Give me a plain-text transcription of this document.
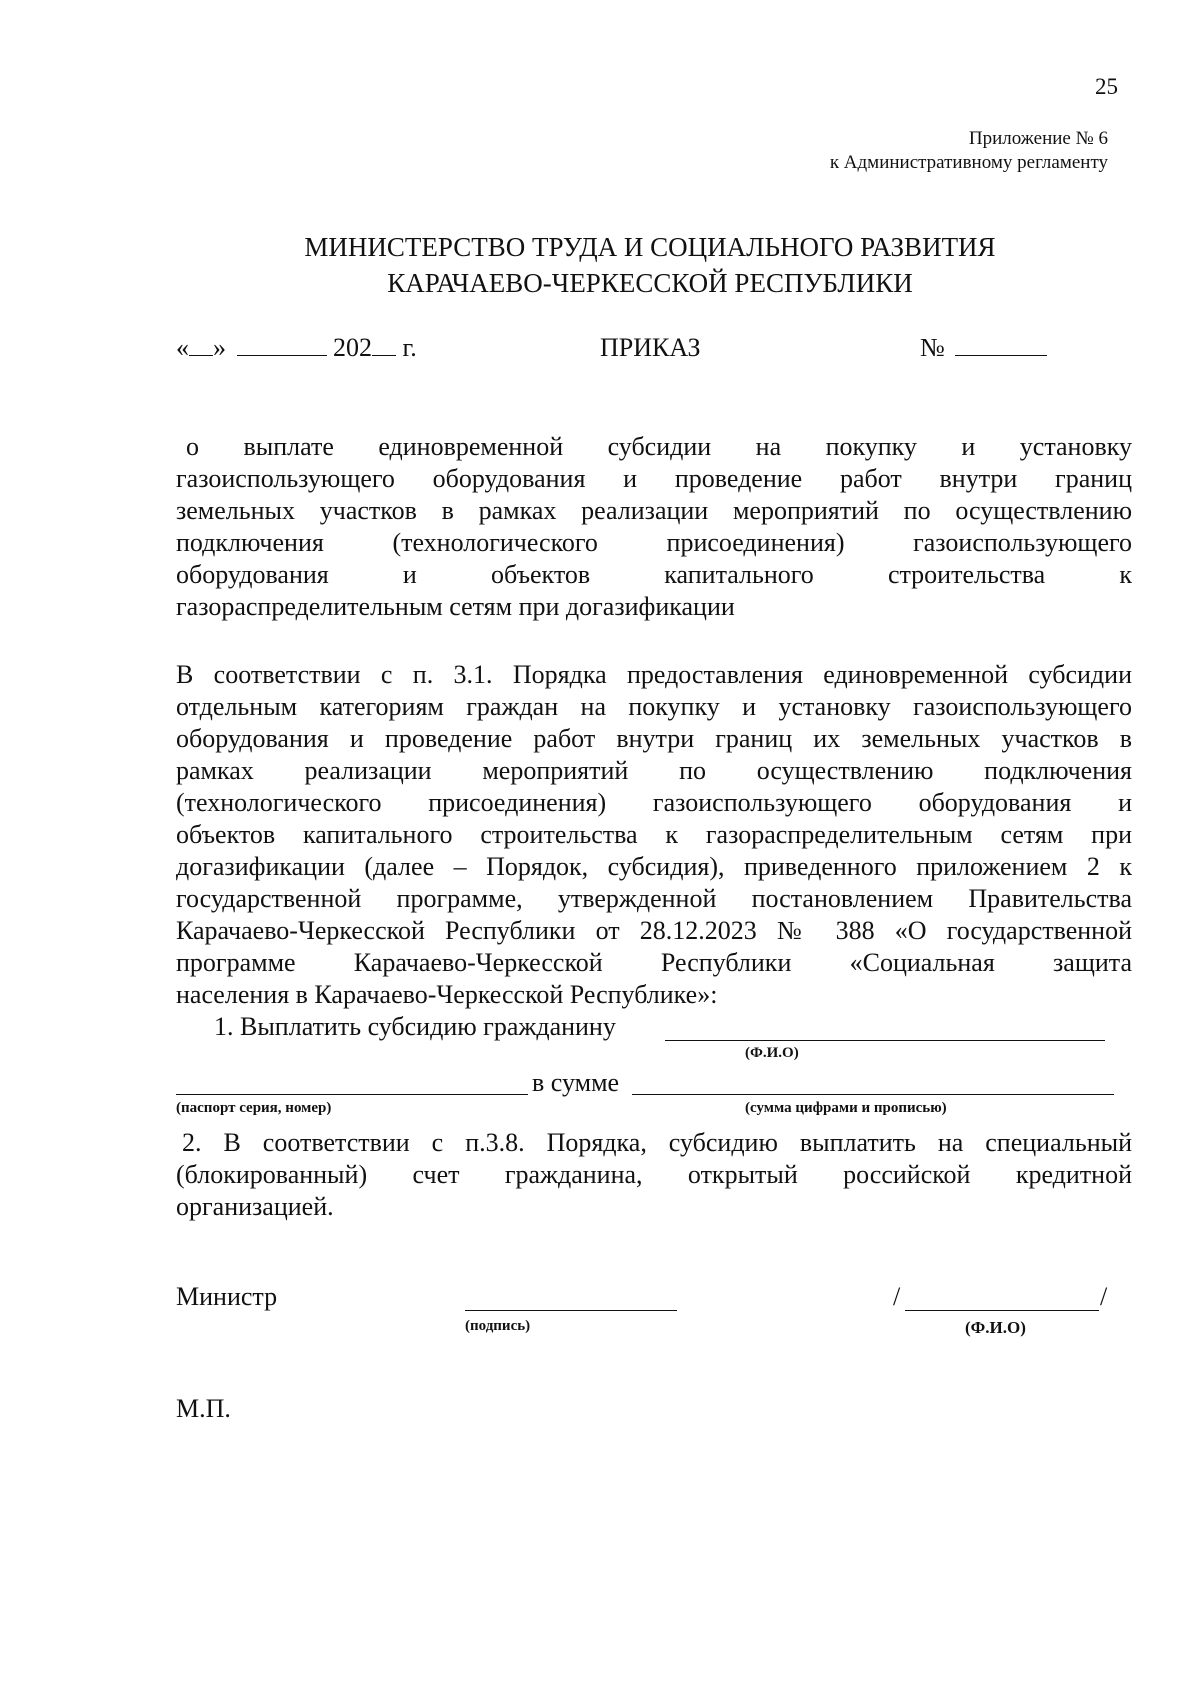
25
Приложение № 6
к Административному регламенту
МИНИСТЕРСТВО ТРУДА И СОЦИАЛЬНОГО РАЗВИТИЯ
КАРАЧАЕВО-ЧЕРКЕССКОЙ РЕСПУБЛИКИ
« »	202 г.	ПРИКАЗ	№
о выплате единовременной субсидии на покупку и установку
газоиспользующего оборудования и проведение работ внутри границ
земельных участков в рамках реализации мероприятий по осуществлению
подключения (технологического присоединения) газоиспользующего
оборудования и объектов капитального строительства к
газораспределительным сетям при догазификации
В соответствии с п. 3.1. Порядка предоставления единовременной субсидии
отдельным категориям граждан на покупку и установку газоиспользующего
оборудования и проведение работ внутри границ их земельных участков в
рамках реализации мероприятий по осуществлению подключения
(технологического присоединения) газоиспользующего оборудования и
объектов капитального строительства к газораспределительным сетям при
догазификации (далее – Порядок, субсидия), приведенного приложением 2 к
государственной программе, утвержденной постановлением Правительства
Карачаево-Черкесской Республики от 28.12.2023 № 388 «О государственной
программе Карачаево-Черкесской Республики «Социальная защита
населения в Карачаево-Черкесской Республике»:
1. Выплатить субсидию гражданину
(Ф.И.О)
в сумме
(паспорт серия, номер)	(сумма цифрами и прописью)
2. В соответствии с п.3.8. Порядка, субсидию выплатить на специальный
(блокированный) счет гражданина, открытый российской кредитной
организацией.
Министр
(подпись)
/	/
(Ф.И.О)
М.П.
